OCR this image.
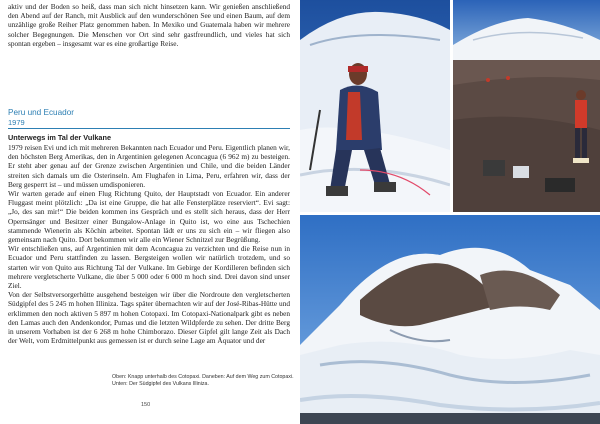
aktiv und der Boden so heiß, dass man sich nicht hinsetzen kann. Wir genießen anschließend den Abend auf der Ranch, mit Ausblick auf den wunderschönen See und einen Baum, auf dem unzählige große Reiher Platz genommen haben. In Mexiko und Guatemala haben wir mehrere solcher Begegnungen. Die Menschen vor Ort sind sehr gastfreundlich, und vieles hat sich spontan ergeben – insgesamt war es eine großartige Reise.
Peru und Ecuador
1979
Unterwegs im Tal der Vulkane

1979 reisen Evi und ich mit mehreren Bekannten nach Ecuador und Peru. Eigentlich planen wir, den höchsten Berg Amerikas, den in Argentinien gelegenen Aconcagua (6 962 m) zu besteigen. Er steht aber genau auf der Grenze zwischen Argentinien und Chile, und die beiden Länder streiten sich damals um die Osterinseln. Am Flughafen in Lima, Peru, erfahren wir, dass der Berg gesperrt ist – und müssen umdisponieren.

Wir warten gerade auf einen Flug Richtung Quito, der Hauptstadt von Ecuador. Ein anderer Fluggast meint plötzlich: „Da ist eine Gruppe, die hat alle Fensterplätze reserviert“. Evi sagt: „Jo, des san mir!“ Die beiden kommen ins Gespräch und es stellt sich heraus, dass der Herr Opernsänger und Besitzer einer Bungalow-Anlage in Quito ist, wo eine aus Tschechien stammende Wienerin als Köchin arbeitet. Spontan lädt er uns zu sich ein – wir fliegen also gemeinsam nach Quito. Dort bekommen wir alle ein Wiener Schnitzel zur Begrüßung.

Wir entschließen uns, auf Argentinien mit dem Aconcagua zu verzichten und die Reise nun in Ecuador und Peru stattfinden zu lassen. Bergsteigen wollen wir natürlich trotzdem, und so starten wir von Quito aus Richtung Tal der Vulkane. Im Gebirge der Kordilleren befinden sich mehrere vergletscherte Vulkane, die über 5 000 oder 6 000 m hoch sind. Drei davon sind unser Ziel.

Von der Selbstversorgerhütte ausgehend besteigen wir über die Nordroute den vergletscherten Südgipfel des 5 245 m hohen Illiniza. Tags später übernachten wir auf der José-Ribas-Hütte und erklimmen den noch aktiven 5 897 m hohen Cotopaxi. Im Cotopaxi-Nationalpark gibt es neben den Lamas auch den Andenkondor, Pumas und die letzten Wildpferde zu sehen. Der dritte Berg in unserem Vorhaben ist der 6 268 m hohe Chimborazo. Dieser Gipfel gilt lange Zeit als Dach der Welt, vom Erdmittelpunkt aus gemessen ist er durch seine Lage am Äquator und der

Oben: Knapp unterhalb des Cotopaxi. Daneben: Auf dem Weg zum Cotopaxi.
Unten: Der Südgipfel des Vulkans Illiniza.
150
